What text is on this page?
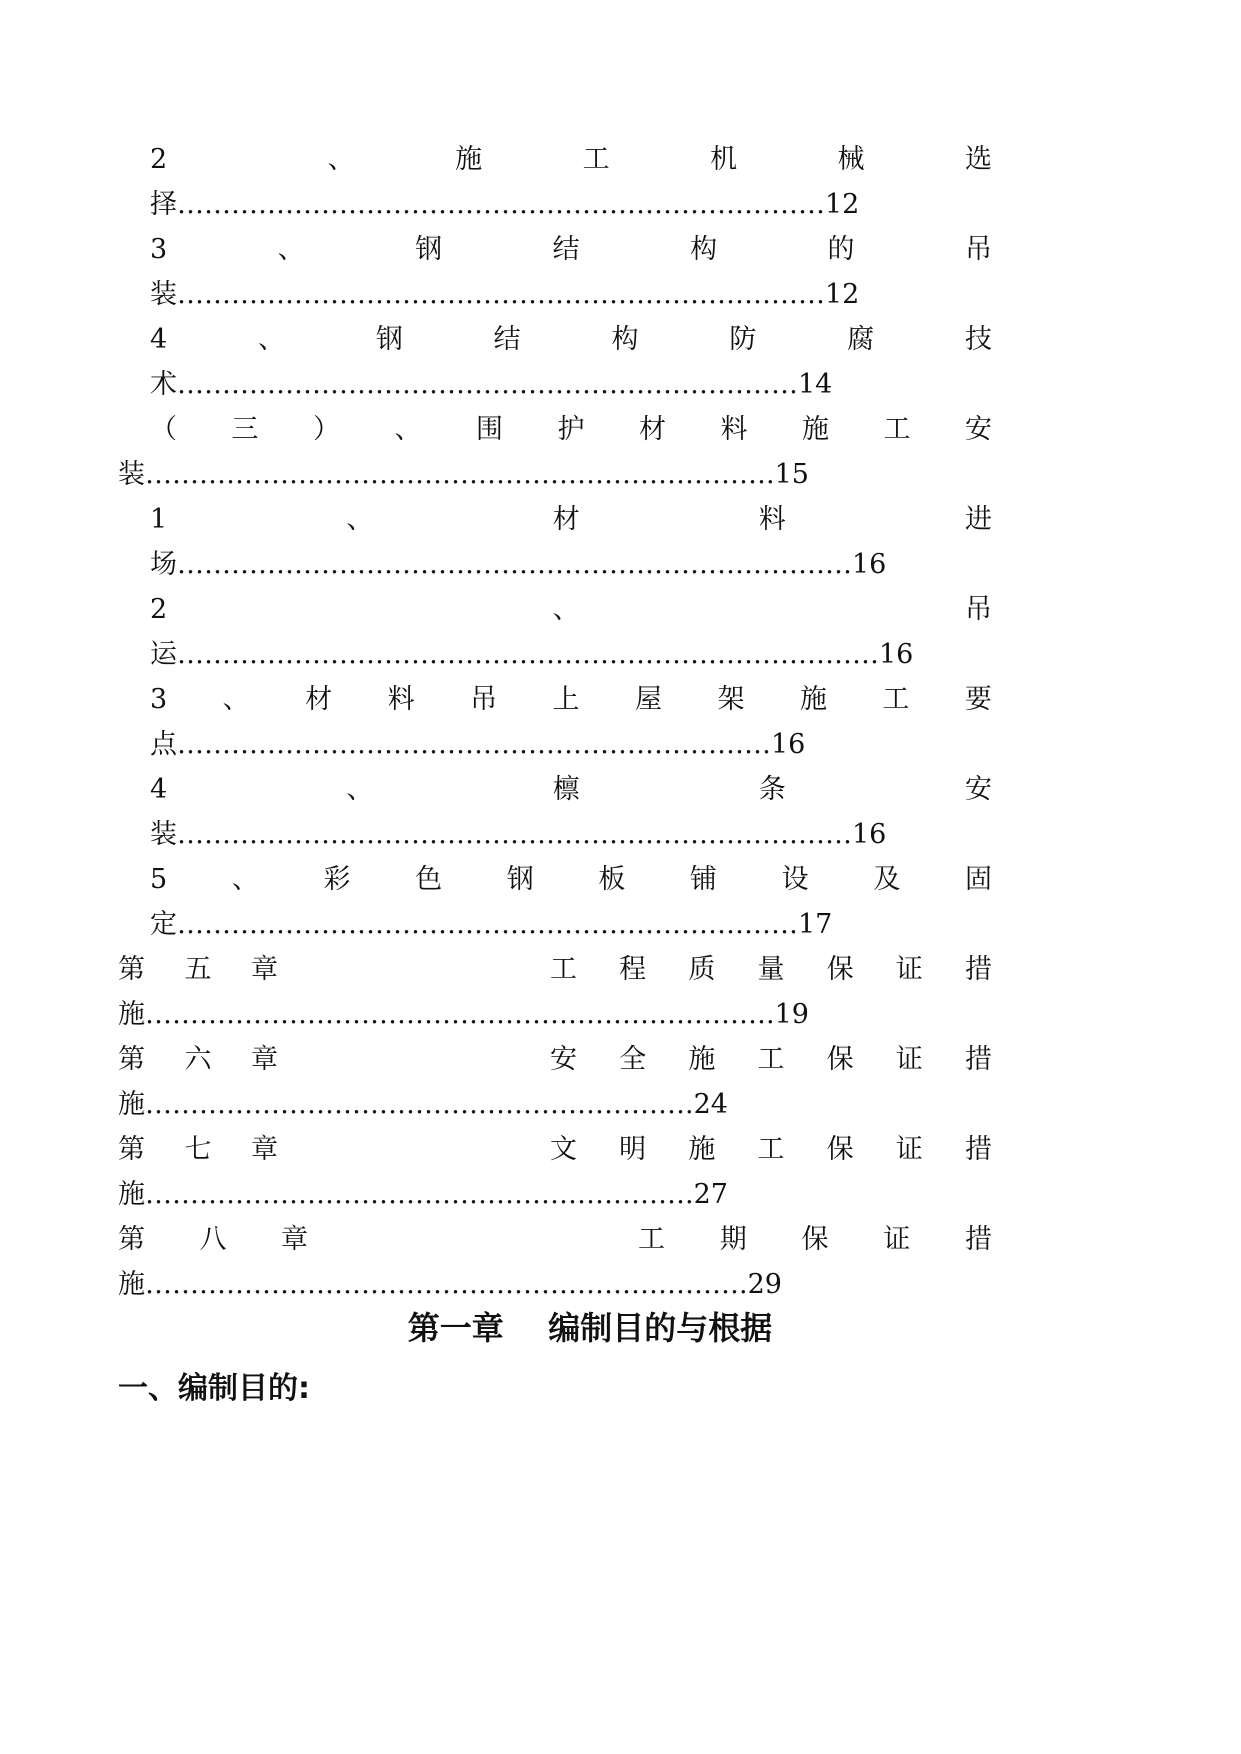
2	、	施	工	机	械	选
择………………………………………………………………12
3	、	钢	结	构	的	吊
装………………………………………………………………12
4	、	钢	结	构	防	腐	技
术……………………………………………………………14
（ 三 ） 、 围 护 材 料 施 工 安
装…………………………………………………………….15
1	、	材	料	进
场…………………………………………………………………16
2	、	吊
运……………………………………………………………………16
3 、 材 料 吊 上 屋 架 施 工 要
点…………………………………………………………16
4	、	檩	条	安
装…………………………………………………………………16
5 、 彩 色 钢 板 铺 设 及 固
定……………………………………………………………17
第 五 章	工 程 质 量 保 证 措
施…………………………………………………………….19
第 六 章	安 全 施 工 保 证 措
施…………………………………………………….24
第 七 章	文 明 施 工 保 证 措
施…………………………………………………….27
第 八 章	工 期 保 证 措
施………………………………………………………….29
第一章    编制目的与根据
一、编制目的:
